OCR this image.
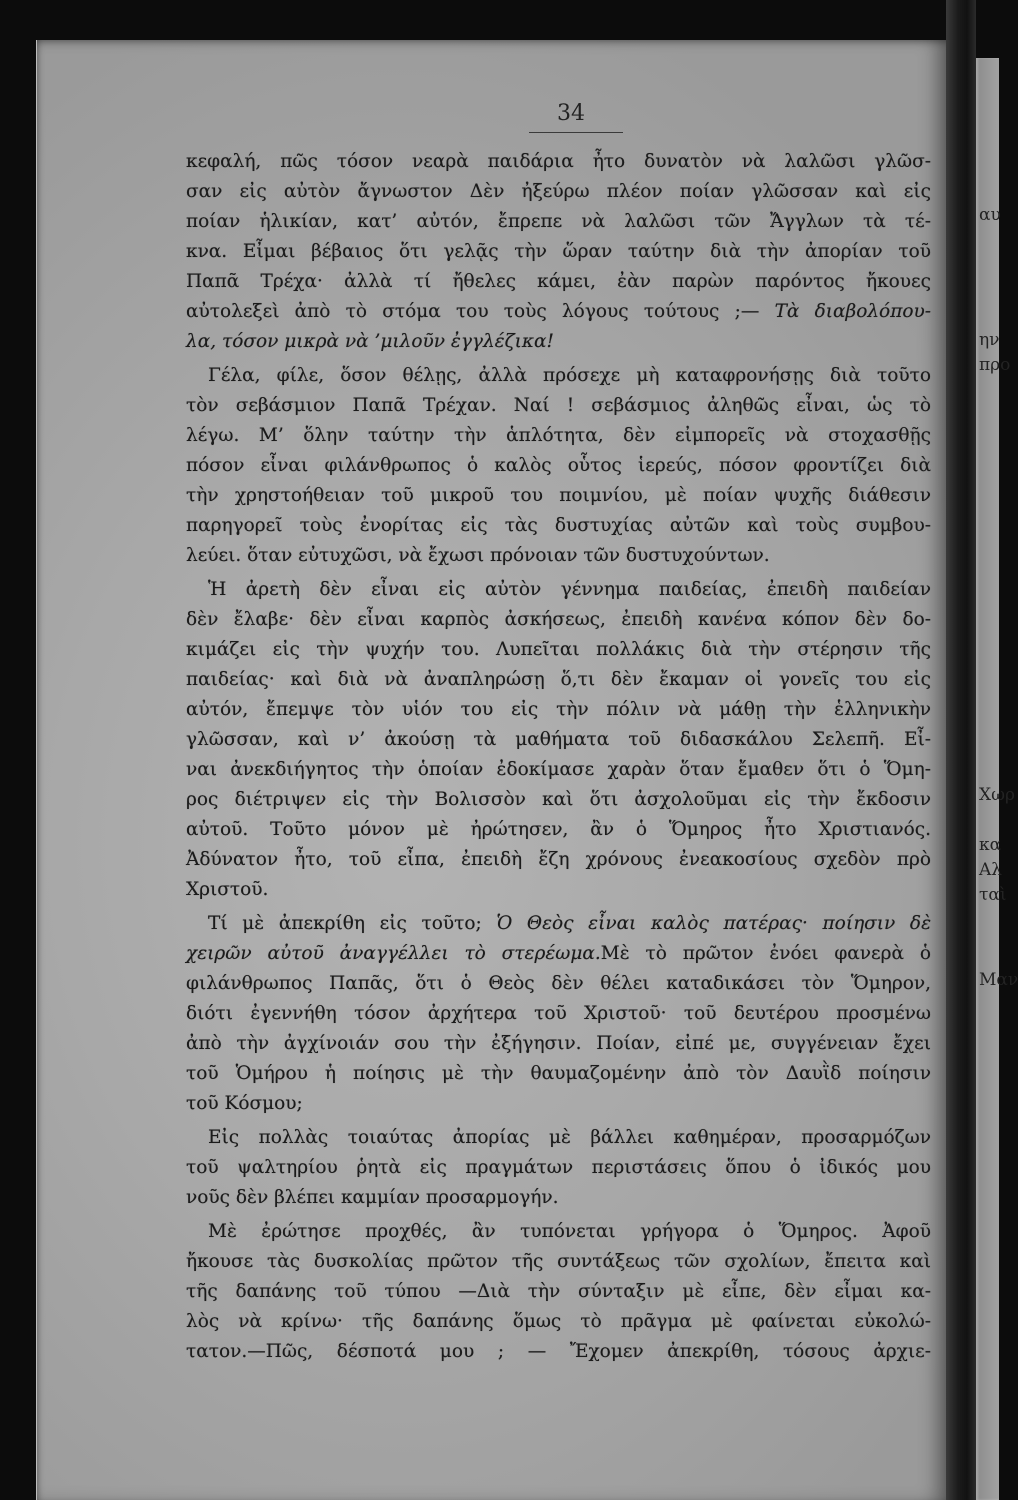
34
κεφαλή, πῶς τόσον νεαρὰ παιδάρια ἦτο δυνατὸν νὰ λαλῶσι γλῶσ-
σαν εἰς αὐτὸν ἄγνωστον Δὲν ἠξεύρω πλέον ποίαν γλῶσσαν καὶ εἰς
ποίαν ἡλικίαν, κατ’ αὐτόν, ἔπρεπε νὰ λαλῶσι τῶν Ἄγγλων τὰ τέ-
κνα. Εἶμαι βέβαιος ὅτι γελᾷς τὴν ὥραν ταύτην διὰ τὴν ἀπορίαν τοῦ
Παπᾶ Τρέχα· ἀλλὰ τί ἤθελες κάμει, ἐὰν παρὼν παρόντος ἤκουες
αὐτολεξεὶ ἀπὸ τὸ στόμα του τοὺς λόγους τούτους ;— Τὰ διαβολόπου-
λα, τόσον μικρὰ νὰ ’μιλοῦν ἐγγλέζικα!
Γέλα, φίλε, ὅσον θέλῃς, ἀλλὰ πρόσεχε μὴ καταφρονήσῃς διὰ τοῦτο
τὸν σεβάσμιον Παπᾶ Τρέχαν. Ναί ! σεβάσμιος ἀληθῶς εἶναι, ὡς τὸ
λέγω. Μ’ ὅλην ταύτην τὴν ἁπλότητα, δὲν εἰμπορεῖς νὰ στοχασθῇς
πόσον εἶναι φιλάνθρωπος ὁ καλὸς οὗτος ἱερεύς, πόσον φροντίζει διὰ
τὴν χρηστοήθειαν τοῦ μικροῦ του ποιμνίου, μὲ ποίαν ψυχῆς διάθεσιν
παρηγορεῖ τοὺς ἐνορίτας εἰς τὰς δυστυχίας αὐτῶν καὶ τοὺς συμβου-
λεύει. ὅταν εὐτυχῶσι, νὰ ἔχωσι πρόνοιαν τῶν δυστυχούντων.
Ἡ ἀρετὴ δὲν εἶναι εἰς αὐτὸν γέννημα παιδείας, ἐπειδὴ παιδείαν
δὲν ἔλαβε· δὲν εἶναι καρπὸς ἀσκήσεως, ἐπειδὴ κανένα κόπον δὲν δο-
κιμάζει εἰς τὴν ψυχήν του. Λυπεῖται πολλάκις διὰ τὴν στέρησιν τῆς
παιδείας· καὶ διὰ νὰ ἀναπληρώσῃ ὅ,τι δὲν ἔκαμαν οἱ γονεῖς του εἰς
αὐτόν, ἔπεμψε τὸν υἱόν του εἰς τὴν πόλιν νὰ μάθῃ τὴν ἑλληνικὴν
γλῶσσαν, καὶ ν’ ἀκούσῃ τὰ μαθήματα τοῦ διδασκάλου Σελεπῆ. Εἶ-
ναι ἀνεκδιήγητος τὴν ὁποίαν ἐδοκίμασε χαρὰν ὅταν ἔμαθεν ὅτι ὁ Ὅμη-
ρος διέτριψεν εἰς τὴν Βολισσὸν καὶ ὅτι ἀσχολοῦμαι εἰς τὴν ἔκδοσιν
αὐτοῦ. Τοῦτο μόνον μὲ ἠρώτησεν, ἂν ὁ Ὅμηρος ἦτο Χριστιανός.
Ἀδύνατον ἦτο, τοῦ εἶπα, ἐπειδὴ ἔζη χρόνους ἐνεακοσίους σχεδὸν πρὸ
Χριστοῦ.
Τί μὲ ἀπεκρίθη εἰς τοῦτο; Ὁ Θεὸς εἶναι καλὸς πατέρας· ποίησιν δὲ
χειρῶν αὐτοῦ ἀναγγέλλει τὸ στερέωμα.Μὲ τὸ πρῶτον ἐνόει φανερὰ ὁ
φιλάνθρωπος Παπᾶς, ὅτι ὁ Θεὸς δὲν θέλει καταδικάσει τὸν Ὅμηρον,
διότι ἐγεννήθη τόσον ἀρχήτερα τοῦ Χριστοῦ· τοῦ δευτέρου προσμένω
ἀπὸ τὴν ἀγχίνοιάν σου τὴν ἐξήγησιν. Ποίαν, εἰπέ με, συγγένειαν ἔχει
τοῦ Ὁμήρου ἡ ποίησις μὲ τὴν θαυμαζομένην ἀπὸ τὸν Δαυῒδ ποίησιν
τοῦ Κόσμου;
Εἰς πολλὰς τοιαύτας ἀπορίας μὲ βάλλει καθημέραν, προσαρμόζων
τοῦ ψαλτηρίου ῥητὰ εἰς πραγμάτων περιστάσεις ὅπου ὁ ἰδικός μου
νοῦς δὲν βλέπει καμμίαν προσαρμογήν.
Μὲ ἐρώτησε προχθές, ἂν τυπόνεται γρήγορα ὁ Ὅμηρος. Ἀφοῦ
ἤκουσε τὰς δυσκολίας πρῶτον τῆς συντάξεως τῶν σχολίων, ἔπειτα καὶ
τῆς δαπάνης τοῦ τύπου —Διὰ τὴν σύνταξιν μὲ εἶπε, δὲν εἶμαι κα-
λὸς νὰ κρίνω· τῆς δαπάνης ὅμως τὸ πρᾶγμα μὲ φαίνεται εὐκολώ-
τατον.—Πῶς, δέσποτά μου ; — Ἔχομεν ἀπεκρίθη, τόσους ἀρχιε-
αυ
ην
προ
Χωρ
κα
Αλ
ταὶ
Μαν
